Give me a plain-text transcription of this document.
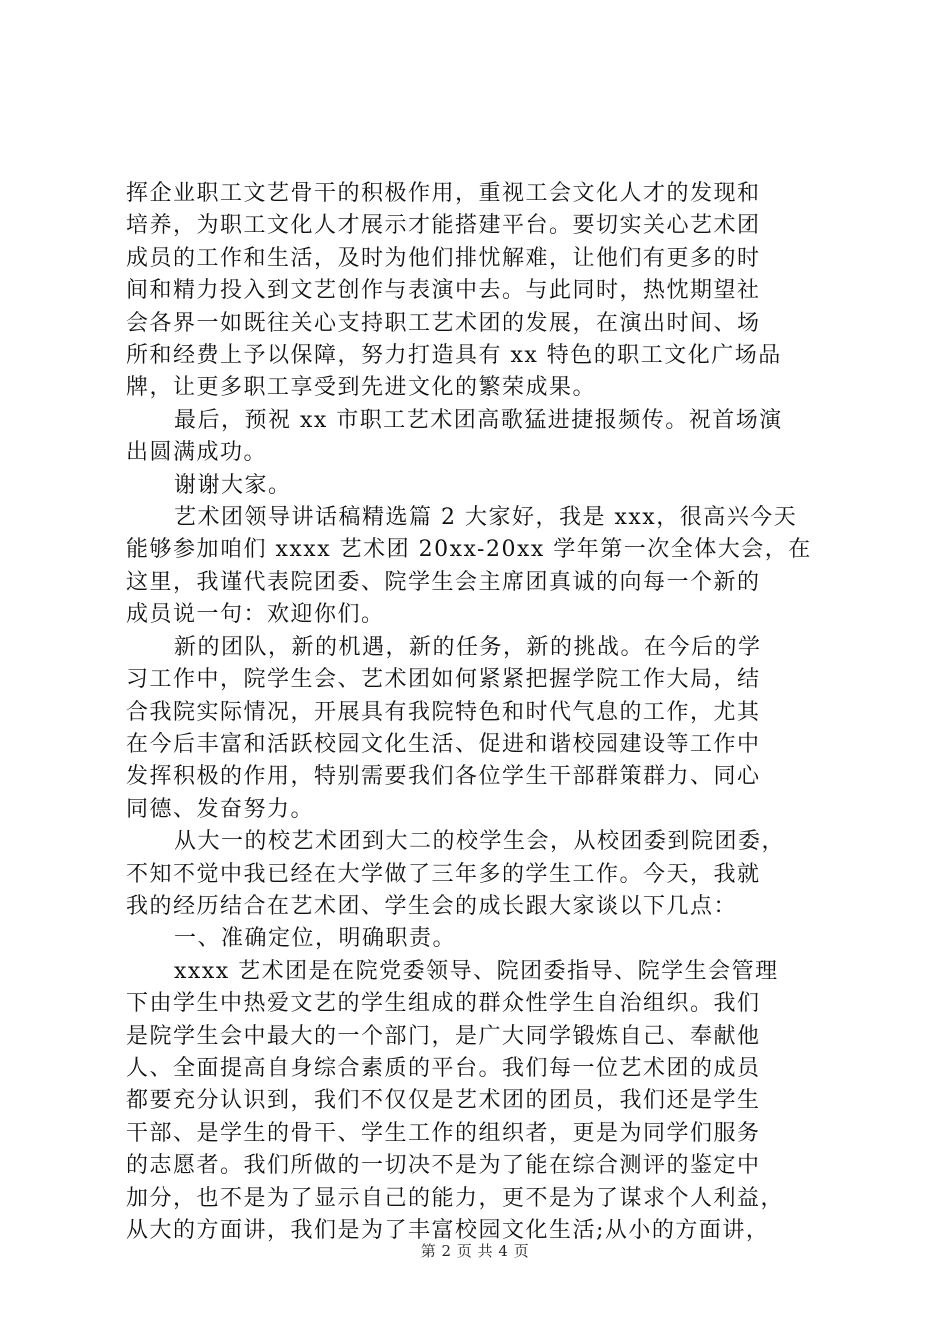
挥企业职工文艺骨干的积极作用，重视工会文化人才的发现和
培养，为职工文化人才展示才能搭建平台。要切实关心艺术团
成员的工作和生活，及时为他们排忧解难，让他们有更多的时
间和精力投入到文艺创作与表演中去。与此同时，热忱期望社
会各界一如既往关心支持职工艺术团的发展，在演出时间、场
所和经费上予以保障，努力打造具有 xx 特色的职工文化广场品
牌，让更多职工享受到先进文化的繁荣成果。
最后，预祝 xx 市职工艺术团高歌猛进捷报频传。祝首场演
出圆满成功。
谢谢大家。
艺术团领导讲话稿精选篇 2 大家好，我是 xxx，很高兴今天
能够参加咱们 xxxx 艺术团 20xx-20xx 学年第一次全体大会，在
这里，我谨代表院团委、院学生会主席团真诚的向每一个新的
成员说一句：欢迎你们。
新的团队，新的机遇，新的任务，新的挑战。在今后的学
习工作中，院学生会、艺术团如何紧紧把握学院工作大局，结
合我院实际情况，开展具有我院特色和时代气息的工作，尤其
在今后丰富和活跃校园文化生活、促进和谐校园建设等工作中
发挥积极的作用，特别需要我们各位学生干部群策群力、同心
同德、发奋努力。
从大一的校艺术团到大二的校学生会，从校团委到院团委，
不知不觉中我已经在大学做了三年多的学生工作。今天，我就
我的经历结合在艺术团、学生会的成长跟大家谈以下几点：
一、准确定位，明确职责。
xxxx 艺术团是在院党委领导、院团委指导、院学生会管理
下由学生中热爱文艺的学生组成的群众性学生自治组织。我们
是院学生会中最大的一个部门，是广大同学锻炼自己、奉献他
人、全面提高自身综合素质的平台。我们每一位艺术团的成员
都要充分认识到，我们不仅仅是艺术团的团员，我们还是学生
干部、是学生的骨干、学生工作的组织者，更是为同学们服务
的志愿者。我们所做的一切决不是为了能在综合测评的鉴定中
加分，也不是为了显示自己的能力，更不是为了谋求个人利益，
从大的方面讲，我们是为了丰富校园文化生活;从小的方面讲，
第 2 页 共 4 页
